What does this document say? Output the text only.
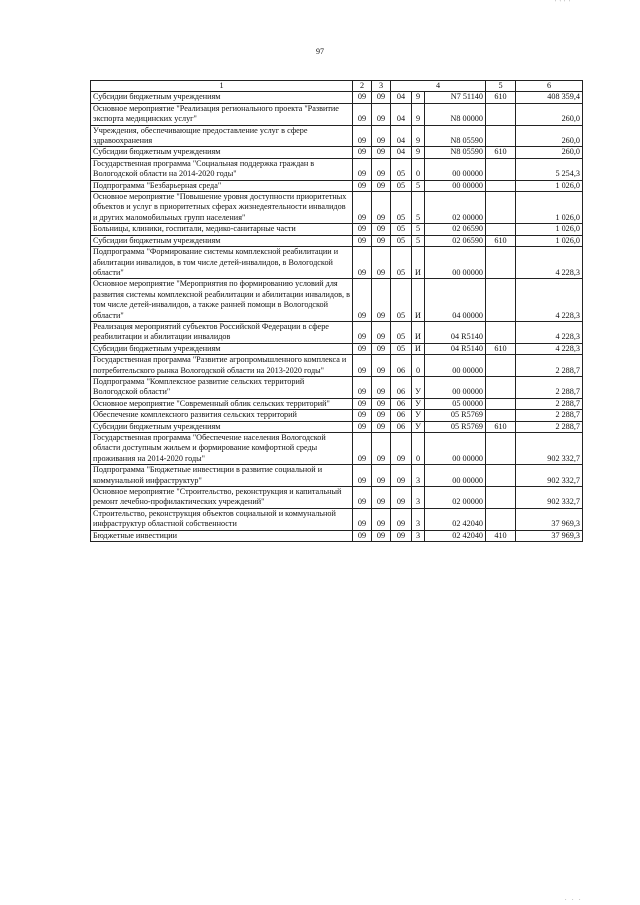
' ' ' '
97
1	2	3	4			5	6
Субсидии бюджетным учреждениям	09	09	04	9	N7 51140	610	408 359,4
Основное мероприятие "Реализация регионального проекта "Развитие экспорта медицинских услуг"	09	09	04	9	N8 00000		260,0
Учреждения, обеспечивающие предоставление услуг в сфере здравоохранения	09	09	04	9	N8 05590		260,0
Субсидии бюджетным учреждениям	09	09	04	9	N8 05590	610	260,0
Государственная программа "Социальная поддержка граждан в Вологодской области на 2014-2020 годы"	09	09	05	0	00 00000		5 254,3
Подпрограмма "Безбарьерная среда"	09	09	05	5	00 00000		1 026,0
Основное мероприятие "Повышение уровня доступности приоритетных объектов и услуг в приоритетных сферах жизнедеятельности инвалидов и других маломобильных групп населения"	09	09	05	5	02 00000		1 026,0
Больницы, клиники, госпитали, медико-санитарные части	09	09	05	5	02 06590		1 026,0
Субсидии бюджетным учреждениям	09	09	05	5	02 06590	610	1 026,0
Подпрограмма "Формирование системы комплексной реабилитации и абилитации инвалидов, в том числе детей-инвалидов, в Вологодской области"	09	09	05	И	00 00000		4 228,3
Основное мероприятие "Мероприятия по формированию условий для развития системы комплексной реабилитации и абилитации инвалидов, в том числе детей-инвалидов, а также ранней помощи в Вологодской области"	09	09	05	И	04 00000		4 228,3
Реализация мероприятий субъектов Российской Федерации в сфере реабилитации и абилитации инвалидов	09	09	05	И	04 R5140		4 228,3
Субсидии бюджетным учреждениям	09	09	05	И	04 R5140	610	4 228,3
Государственная программа "Развитие агропромышленного комплекса и потребительского рынка Вологодской области на 2013-2020 годы"	09	09	06	0	00 00000		2 288,7
Подпрограмма "Комплексное развитие сельских территорий Вологодской области"	09	09	06	У	00 00000		2 288,7
Основное мероприятие "Современный облик сельских территорий"	09	09	06	У	05 00000		2 288,7
Обеспечение комплексного развития сельских территорий	09	09	06	У	05 R5769		2 288,7
Субсидии бюджетным учреждениям	09	09	06	У	05 R5769	610	2 288,7
Государственная программа "Обеспечение населения Вологодской области доступным жильем и формирование комфортной среды проживания на 2014-2020 годы"	09	09	09	0	00 00000		902 332,7
Подпрограмма "Бюджетные инвестиции в развитие социальной и коммунальной инфраструктур"	09	09	09	3	00 00000		902 332,7
Основное мероприятие "Строительство, реконструкция и капитальный ремонт лечебно-профилактических учреждений"	09	09	09	3	02 00000		902 332,7
Строительство, реконструкция объектов социальной и коммунальной инфраструктур областной собственности	09	09	09	3	02 42040		37 969,3
Бюджетные инвестиции	09	09	09	3	02 42040	410	37 969,3
. . .
